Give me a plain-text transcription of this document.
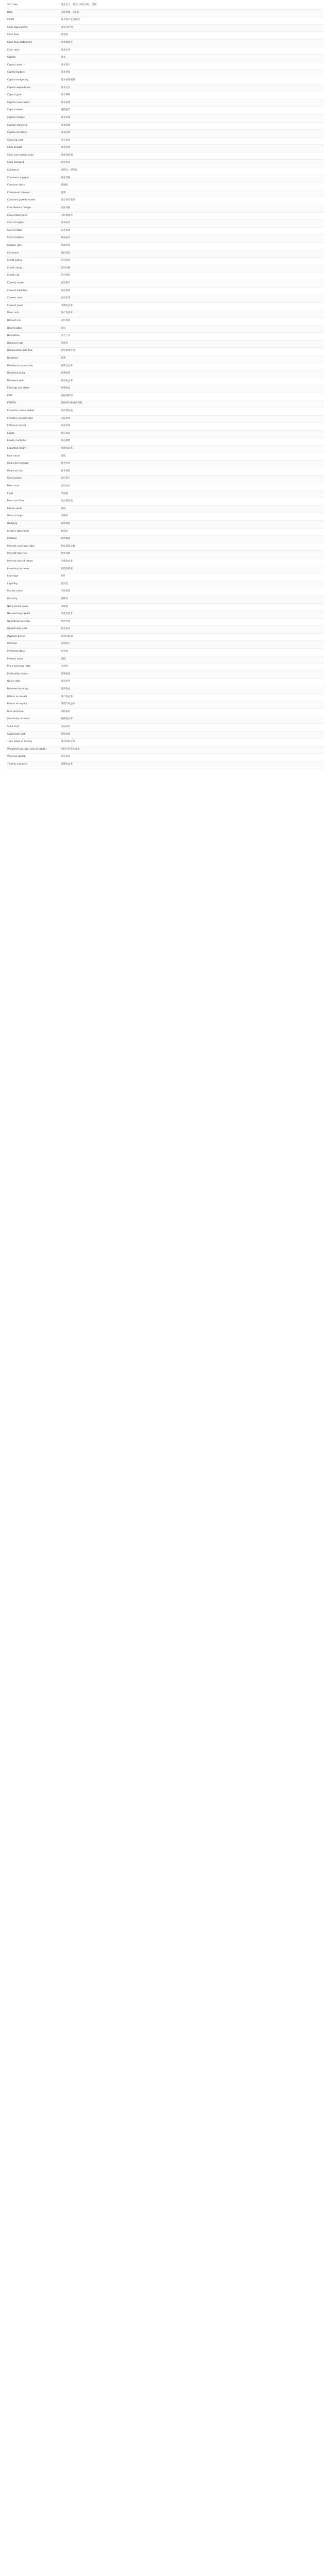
3 C rules	现金为王、机会与风险分配、控制
Beta	贝塔系数、β系数
CAPM	资本资产定价模型
Cash equivalents	现金等价物
Cash flow	现金流
Cash flow statement	现金流量表
Cash ratio	现金比率
Capital	资本
Capital asset	资本资产
Capital budget	资本预算
Capital budgeting	资本预算编制
Capital expenditure	资本支出
Capital gain	资本利得
Capital investment	资本投资
Capital lease	融资租赁
Capital market	资本市场
Capital rationing	资本限额
Capital structure	资本结构
Carrying cost	持有成本
Cash budget	现金预算
Cash conversion cycle	现金周转期
Cash discount	现金折扣
Collateral	抵押品、担保品
Commercial paper	商业票据
Common stock	普通股
Compound interest	复利
Constant growth model	固定增长模型
Contribution margin	边际贡献
Convertible bond	可转换债券
Cost of capital	资本成本
Cost of debt	债务成本
Cost of equity	权益成本
Coupon rate	票面利率
Covenant	契约条款
Credit policy	信用政策
Credit rating	信用评级
Credit risk	信用风险
Current assets	流动资产
Current liabilities	流动负债
Current ratio	流动比率
Current yield	当期收益率
Debt ratio	资产负债率
Default risk	违约风险
Depreciation	折旧
Derivative	衍生工具
Discount rate	折现率
Discounted cash flow	现金流量折现
Dividend	股利
Dividend payout ratio	股利支付率
Dividend policy	股利政策
Dividend yield	股息收益率
Earnings per share	每股收益
EBIT	息税前利润
EBITDA	息税折旧摊销前利润
Economic value added	经济增加值
Effective interest rate	实际利率
Efficient market	有效市场
Equity	股东权益
Equity multiplier	权益乘数
Expected return	预期收益率
Face value	面值
Financial leverage	财务杠杆
Financial risk	财务风险
Fixed assets	固定资产
Fixed cost	固定成本
Float	浮游量
Free cash flow	自由现金流
Future value	终值
Gross margin	毛利率
Hedging	套期保值
Income statement	利润表
Inflation	通货膨胀
Interest coverage ratio	利息保障倍数
Interest rate risk	利率风险
Internal rate of return	内部收益率
Inventory turnover	存货周转率
Leverage	杠杆
Liquidity	流动性
Market value	市场价值
Maturity	到期日
Net present value	净现值
Net working capital	净营运资本
Operating leverage	经营杠杆
Opportunity cost	机会成本
Payback period	投资回收期
Portfolio	投资组合
Preferred stock	优先股
Present value	现值
Price-earnings ratio	市盈率
Profitability index	获利指数
Quick ratio	速动比率
Retained earnings	留存收益
Return on assets	资产收益率
Return on equity	净资产收益率
Risk premium	风险溢价
Sensitivity analysis	敏感性分析
Sunk cost	沉没成本
Systematic risk	系统风险
Time value of money	货币时间价值
Weighted average cost of capital	加权平均资本成本
Working capital	营运资本
Yield to maturity	到期收益率
